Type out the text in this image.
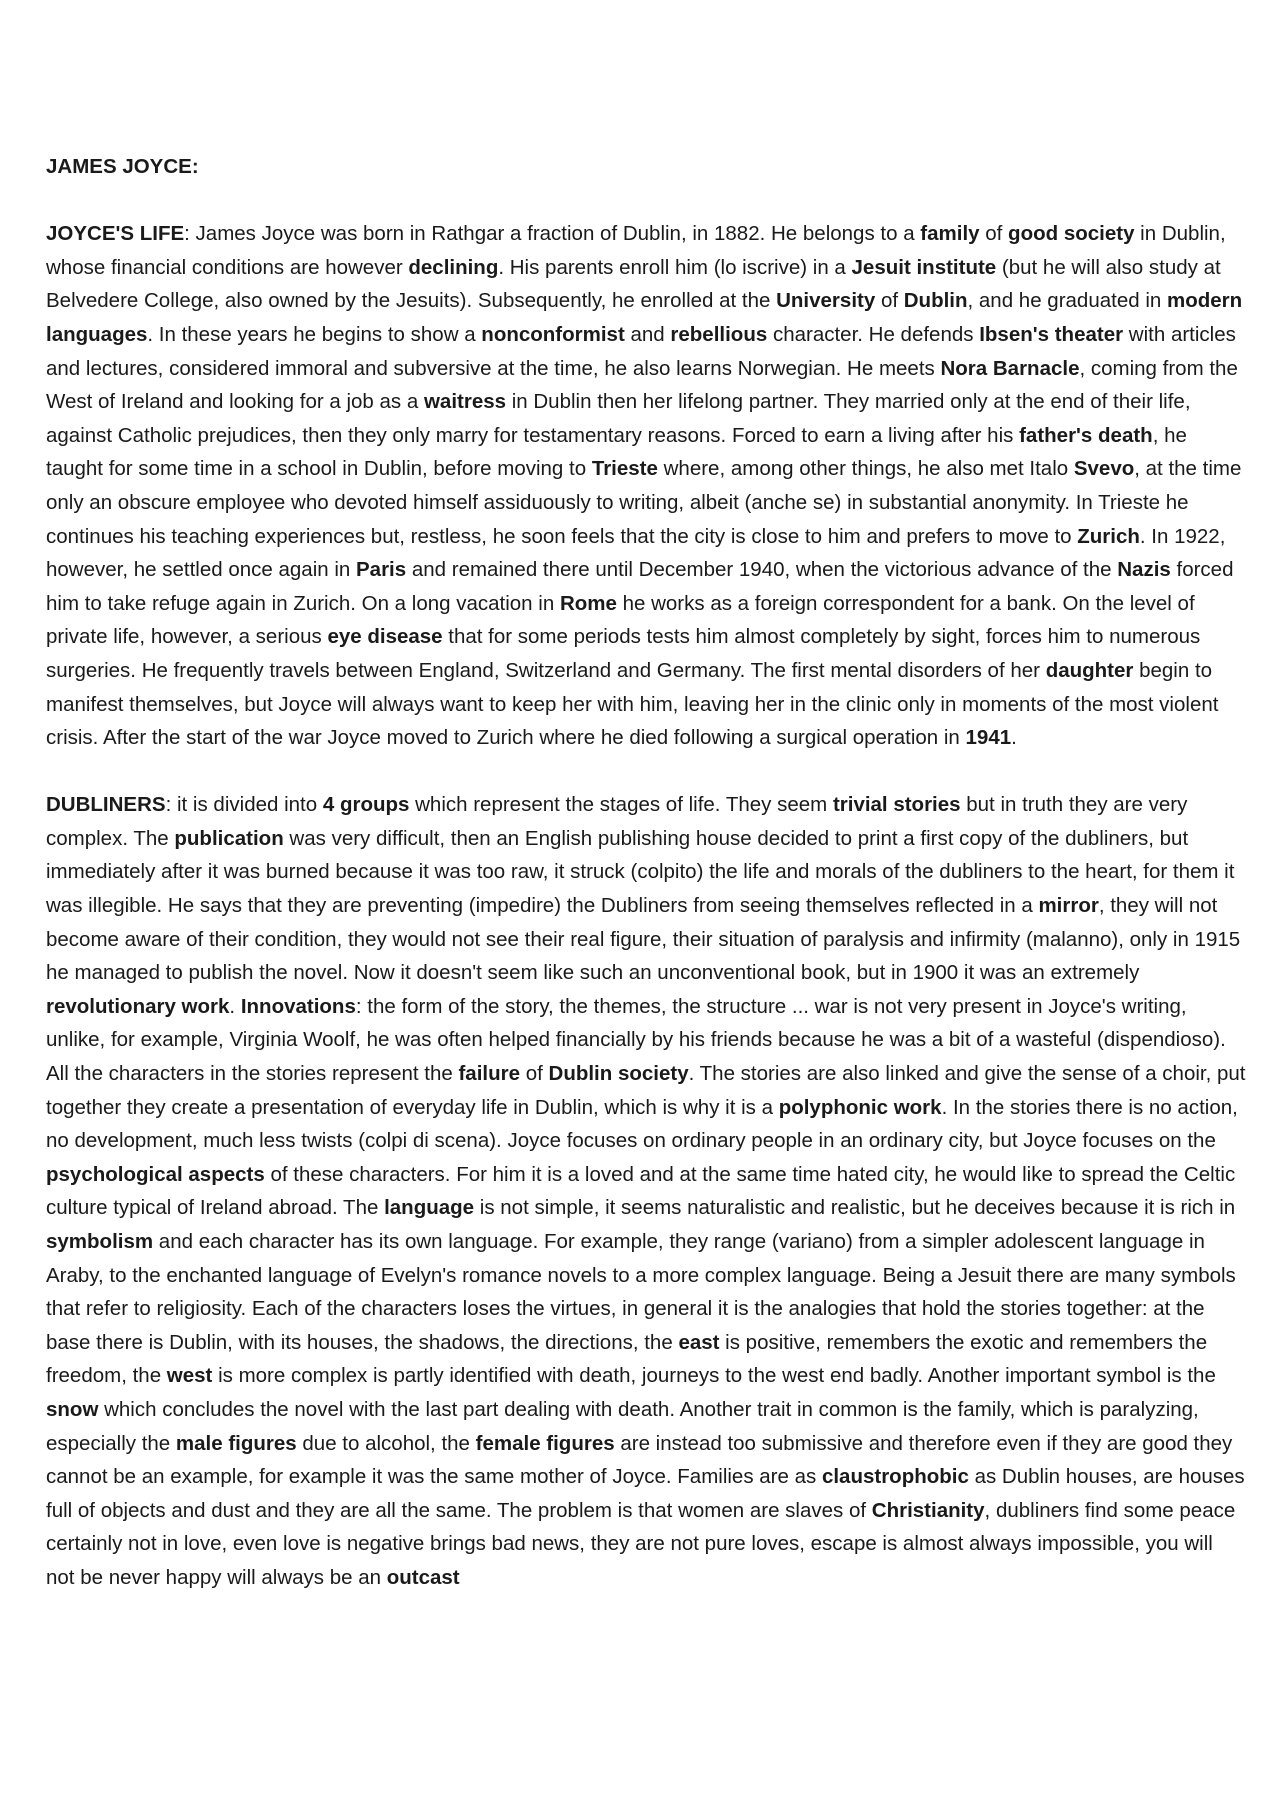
JAMES JOYCE:
JOYCE'S LIFE: James Joyce was born in Rathgar a fraction of Dublin, in 1882. He belongs to a family of good society in Dublin, whose financial conditions are however declining. His parents enroll him (lo iscrive) in a Jesuit institute (but he will also study at Belvedere College, also owned by the Jesuits). Subsequently, he enrolled at the University of Dublin, and he graduated in modern languages. In these years he begins to show a nonconformist and rebellious character. He defends Ibsen's theater with articles and lectures, considered immoral and subversive at the time, he also learns Norwegian. He meets Nora Barnacle, coming from the West of Ireland and looking for a job as a waitress in Dublin then her lifelong partner. They married only at the end of their life, against Catholic prejudices, then they only marry for testamentary reasons. Forced to earn a living after his father's death, he taught for some time in a school in Dublin, before moving to Trieste where, among other things, he also met Italo Svevo, at the time only an obscure employee who devoted himself assiduously to writing, albeit (anche se) in substantial anonymity. In Trieste he continues his teaching experiences but, restless, he soon feels that the city is close to him and prefers to move to Zurich. In 1922, however, he settled once again in Paris and remained there until December 1940, when the victorious advance of the Nazis forced him to take refuge again in Zurich. On a long vacation in Rome he works as a foreign correspondent for a bank. On the level of private life, however, a serious eye disease that for some periods tests him almost completely by sight, forces him to numerous surgeries. He frequently travels between England, Switzerland and Germany. The first mental disorders of her daughter begin to manifest themselves, but Joyce will always want to keep her with him, leaving her in the clinic only in moments of the most violent crisis. After the start of the war Joyce moved to Zurich where he died following a surgical operation in 1941.
DUBLINERS: it is divided into 4 groups which represent the stages of life. They seem trivial stories but in truth they are very complex. The publication was very difficult, then an English publishing house decided to print a first copy of the dubliners, but immediately after it was burned because it was too raw, it struck (colpito) the life and morals of the dubliners to the heart, for them it was illegible. He says that they are preventing (impedire) the Dubliners from seeing themselves reflected in a mirror, they will not become aware of their condition, they would not see their real figure, their situation of paralysis and infirmity (malanno), only in 1915 he managed to publish the novel. Now it doesn't seem like such an unconventional book, but in 1900 it was an extremely revolutionary work. Innovations: the form of the story, the themes, the structure ... war is not very present in Joyce's writing, unlike, for example, Virginia Woolf, he was often helped financially by his friends because he was a bit of a wasteful (dispendioso). All the characters in the stories represent the failure of Dublin society. The stories are also linked and give the sense of a choir, put together they create a presentation of everyday life in Dublin, which is why it is a polyphonic work. In the stories there is no action, no development, much less twists (colpi di scena). Joyce focuses on ordinary people in an ordinary city, but Joyce focuses on the psychological aspects of these characters. For him it is a loved and at the same time hated city, he would like to spread the Celtic culture typical of Ireland abroad. The language is not simple, it seems naturalistic and realistic, but he deceives because it is rich in symbolism and each character has its own language. For example, they range (variano) from a simpler adolescent language in Araby, to the enchanted language of Evelyn's romance novels to a more complex language. Being a Jesuit there are many symbols that refer to religiosity. Each of the characters loses the virtues, in general it is the analogies that hold the stories together: at the base there is Dublin, with its houses, the shadows, the directions, the east is positive, remembers the exotic and remembers the freedom, the west is more complex is partly identified with death, journeys to the west end badly. Another important symbol is the snow which concludes the novel with the last part dealing with death. Another trait in common is the family, which is paralyzing, especially the male figures due to alcohol, the female figures are instead too submissive and therefore even if they are good they cannot be an example, for example it was the same mother of Joyce. Families are as claustrophobic as Dublin houses, are houses full of objects and dust and they are all the same. The problem is that women are slaves of Christianity, dubliners find some peace certainly not in love, even love is negative brings bad news, they are not pure loves, escape is almost always impossible, you will not be never happy will always be an outcast
